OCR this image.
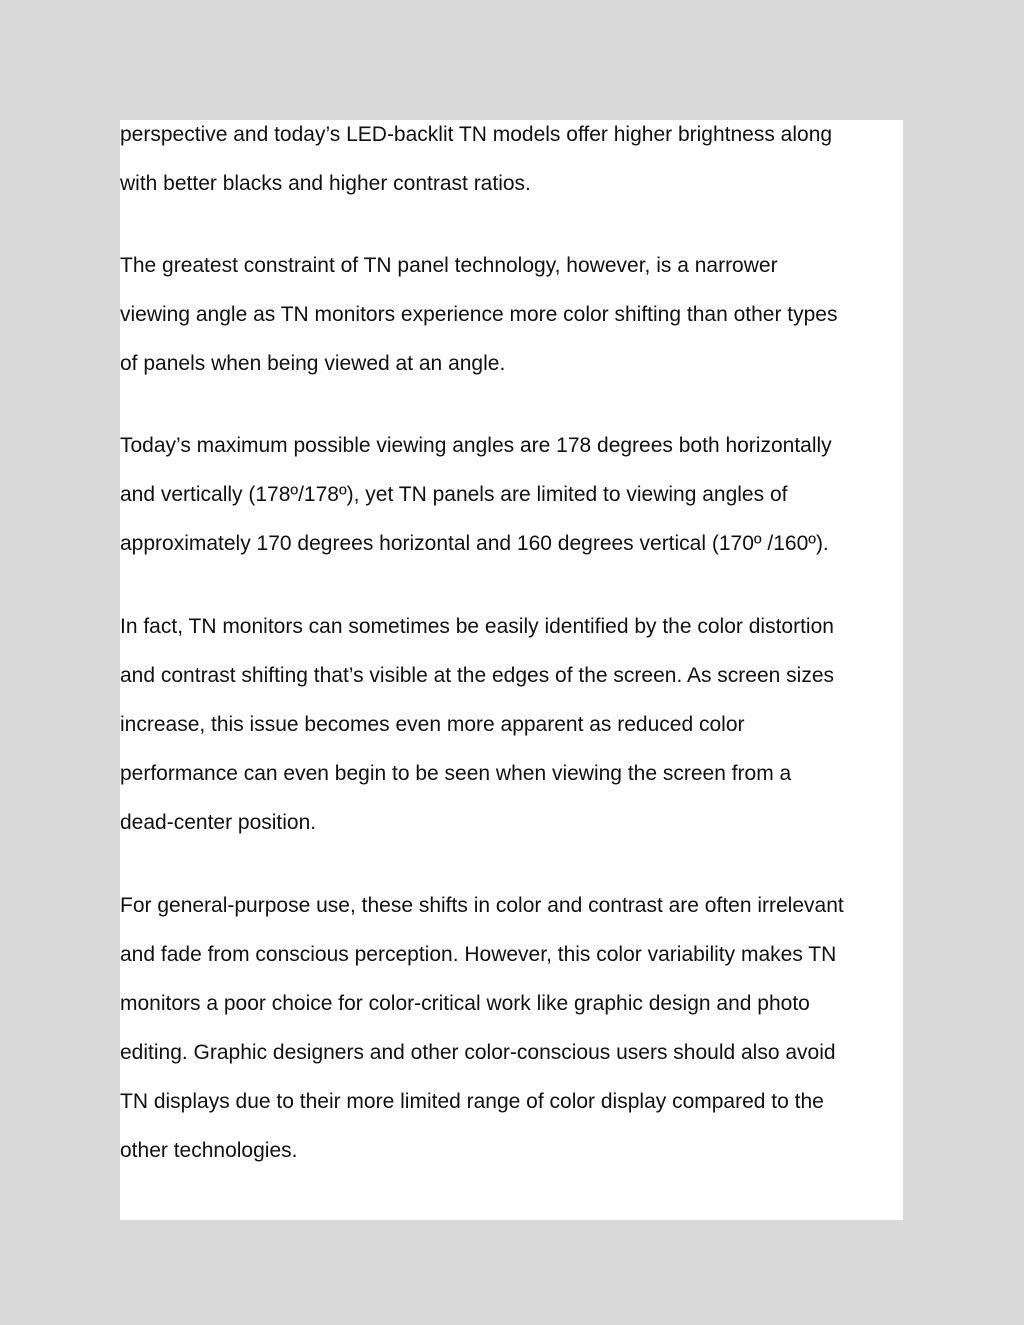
perspective and today’s LED-backlit TN models offer higher brightness along
with better blacks and higher contrast ratios.

The greatest constraint of TN panel technology, however, is a narrower
viewing angle as TN monitors experience more color shifting than other types
of panels when being viewed at an angle.

Today’s maximum possible viewing angles are 178 degrees both horizontally
and vertically (178º/178º), yet TN panels are limited to viewing angles of
approximately 170 degrees horizontal and 160 degrees vertical (170º /160º).

In fact, TN monitors can sometimes be easily identified by the color distortion
and contrast shifting that’s visible at the edges of the screen. As screen sizes
increase, this issue becomes even more apparent as reduced color
performance can even begin to be seen when viewing the screen from a
dead-center position.

For general-purpose use, these shifts in color and contrast are often irrelevant
and fade from conscious perception. However, this color variability makes TN
monitors a poor choice for color-critical work like graphic design and photo
editing. Graphic designers and other color-conscious users should also avoid
TN displays due to their more limited range of color display compared to the
other technologies.
